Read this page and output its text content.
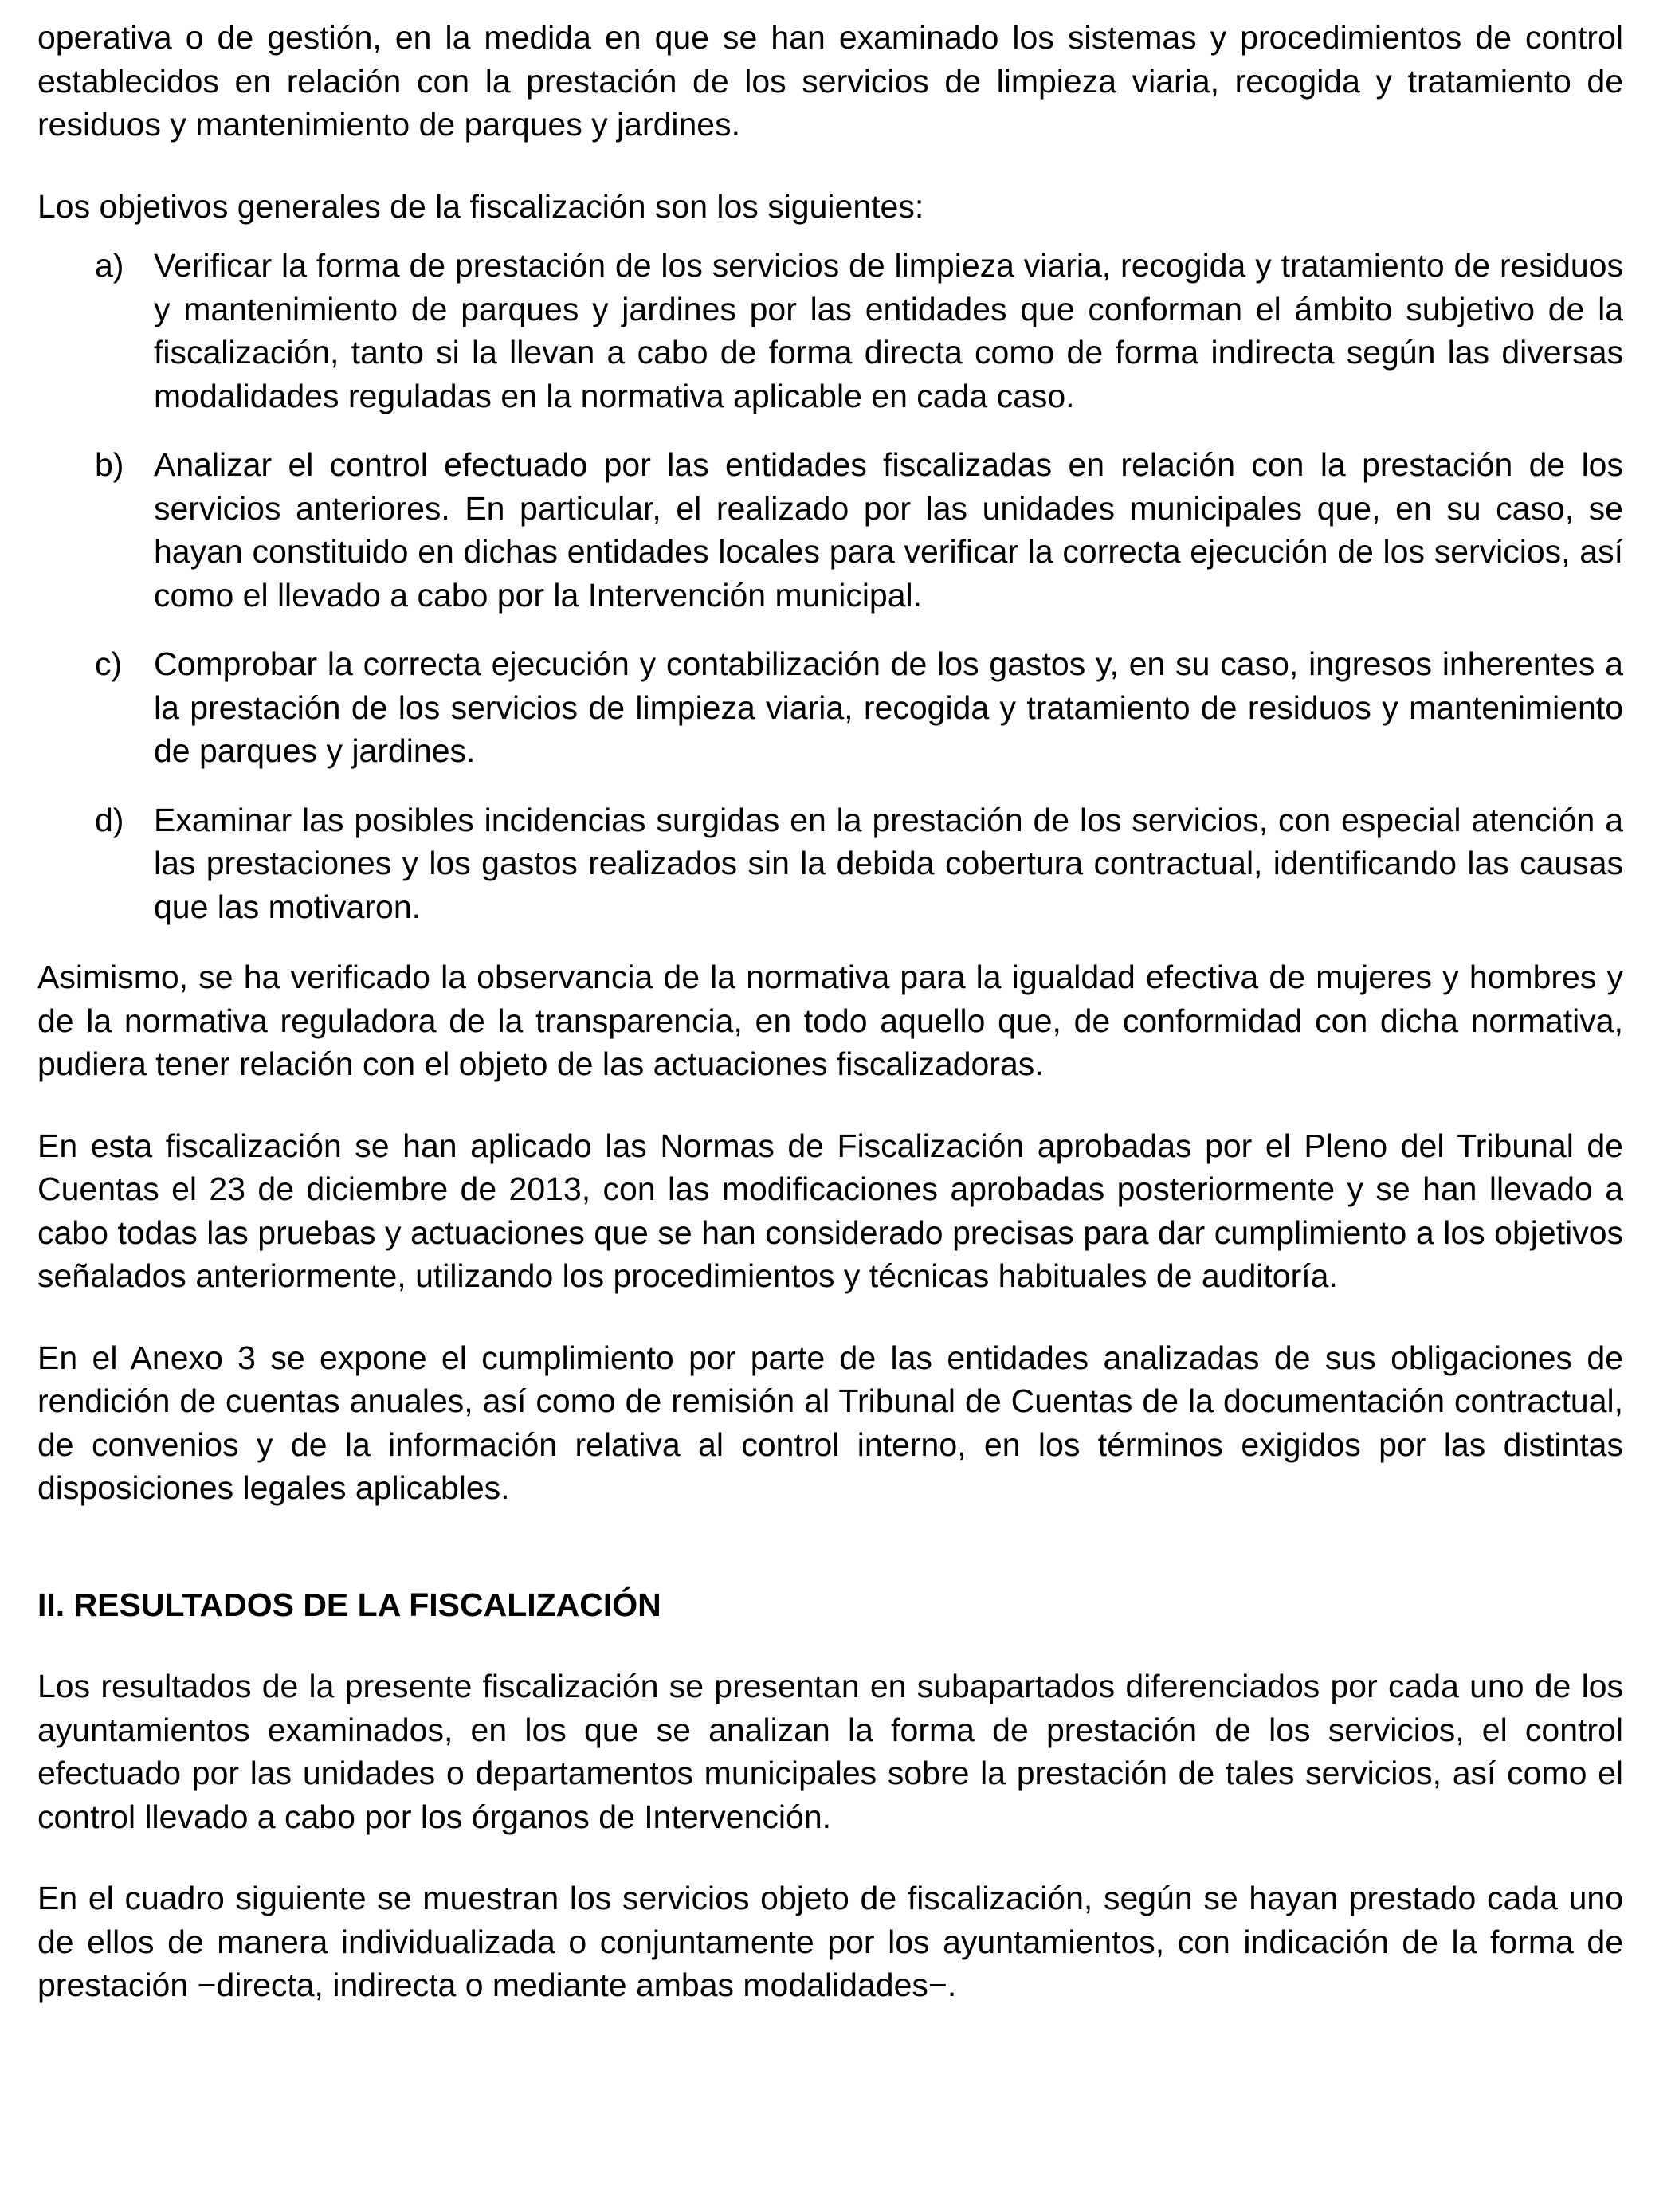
operativa o de gestión, en la medida en que se han examinado los sistemas y procedimientos de control establecidos en relación con la prestación de los servicios de limpieza viaria, recogida y tratamiento de residuos y mantenimiento de parques y jardines.

Los objetivos generales de la fiscalización son los siguientes:

a) Verificar la forma de prestación de los servicios de limpieza viaria, recogida y tratamiento de residuos y mantenimiento de parques y jardines por las entidades que conforman el ámbito subjetivo de la fiscalización, tanto si la llevan a cabo de forma directa como de forma indirecta según las diversas modalidades reguladas en la normativa aplicable en cada caso.
b) Analizar el control efectuado por las entidades fiscalizadas en relación con la prestación de los servicios anteriores. En particular, el realizado por las unidades municipales que, en su caso, se hayan constituido en dichas entidades locales para verificar la correcta ejecución de los servicios, así como el llevado a cabo por la Intervención municipal.
c) Comprobar la correcta ejecución y contabilización de los gastos y, en su caso, ingresos inherentes a la prestación de los servicios de limpieza viaria, recogida y tratamiento de residuos y mantenimiento de parques y jardines.
d) Examinar las posibles incidencias surgidas en la prestación de los servicios, con especial atención a las prestaciones y los gastos realizados sin la debida cobertura contractual, identificando las causas que las motivaron.

Asimismo, se ha verificado la observancia de la normativa para la igualdad efectiva de mujeres y hombres y de la normativa reguladora de la transparencia, en todo aquello que, de conformidad con dicha normativa, pudiera tener relación con el objeto de las actuaciones fiscalizadoras.

En esta fiscalización se han aplicado las Normas de Fiscalización aprobadas por el Pleno del Tribunal de Cuentas el 23 de diciembre de 2013, con las modificaciones aprobadas posteriormente y se han llevado a cabo todas las pruebas y actuaciones que se han considerado precisas para dar cumplimiento a los objetivos señalados anteriormente, utilizando los procedimientos y técnicas habituales de auditoría.

En el Anexo 3 se expone el cumplimiento por parte de las entidades analizadas de sus obligaciones de rendición de cuentas anuales, así como de remisión al Tribunal de Cuentas de la documentación contractual, de convenios y de la información relativa al control interno, en los términos exigidos por las distintas disposiciones legales aplicables.

II. RESULTADOS DE LA FISCALIZACIÓN

Los resultados de la presente fiscalización se presentan en subapartados diferenciados por cada uno de los ayuntamientos examinados, en los que se analizan la forma de prestación de los servicios, el control efectuado por las unidades o departamentos municipales sobre la prestación de tales servicios, así como el control llevado a cabo por los órganos de Intervención.

En el cuadro siguiente se muestran los servicios objeto de fiscalización, según se hayan prestado cada uno de ellos de manera individualizada o conjuntamente por los ayuntamientos, con indicación de la forma de prestación −directa, indirecta o mediante ambas modalidades−.
